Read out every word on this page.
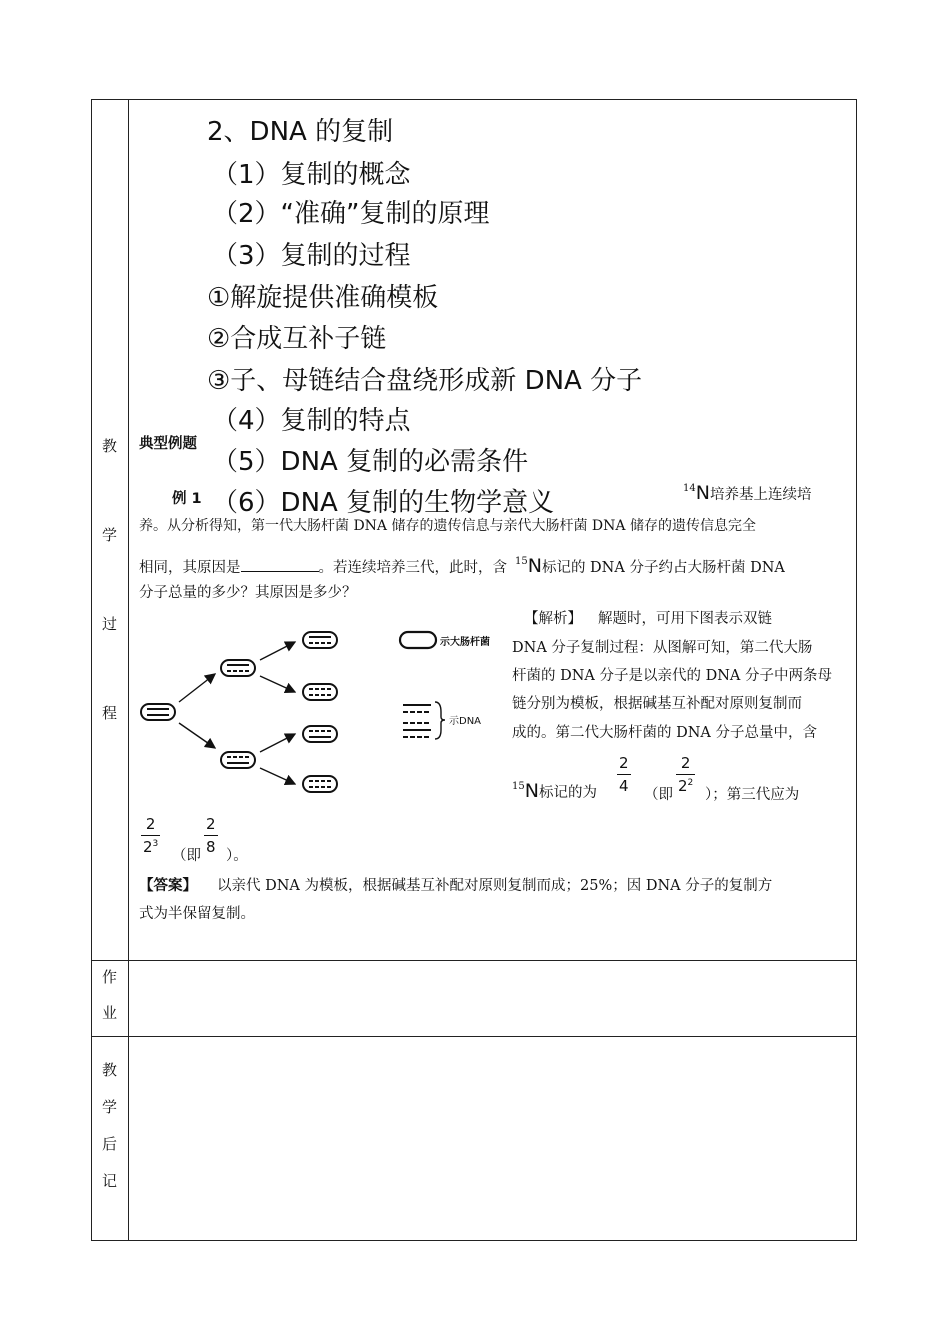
教
学
过
程
作
业
教
学
后
记
2、DNA 的复制
（1）复制的概念
（2）“准确”复制的原理
（3）复制的过程
①解旋提供准确模板
②合成互补子链
③子、母链结合盘绕形成新 DNA 分子
（4）复制的特点
（5）DNA 复制的必需条件
（6）DNA 复制的生物学意义
典型例题
例 1
$^{14}$N培养基上连续培
养。从分析得知，第一代大肠杆菌 DNA 储存的遗传信息与亲代大肠杆菌 DNA 储存的遗传信息完全
相同，其原因是	。若连续培养三代，此时，含 $^{15}$N标记的 DNA 分子约占大肠杆菌 DNA
分子总量的多少？其原因是多少？
示大肠杆菌
示DNA
【解析】 解题时，可用下图表示双链
DNA 分子复制过程：从图解可知，第二代大肠
杆菌的 DNA 分子是以亲代的 DNA 分子中两条母
链分别为模板，根据碱基互补配对原则复制而
成的。第二代大肠杆菌的 DNA 分子总量中，含
$^{15}$N标记的为
2
4 （即
2
$2^2$
）；第三代应为
2
$2^3$
（即
2
8 ）。
【答案】 以亲代 DNA 为模板，根据碱基互补配对原则复制而成；25%；因 DNA 分子的复制方
式为半保留复制。
